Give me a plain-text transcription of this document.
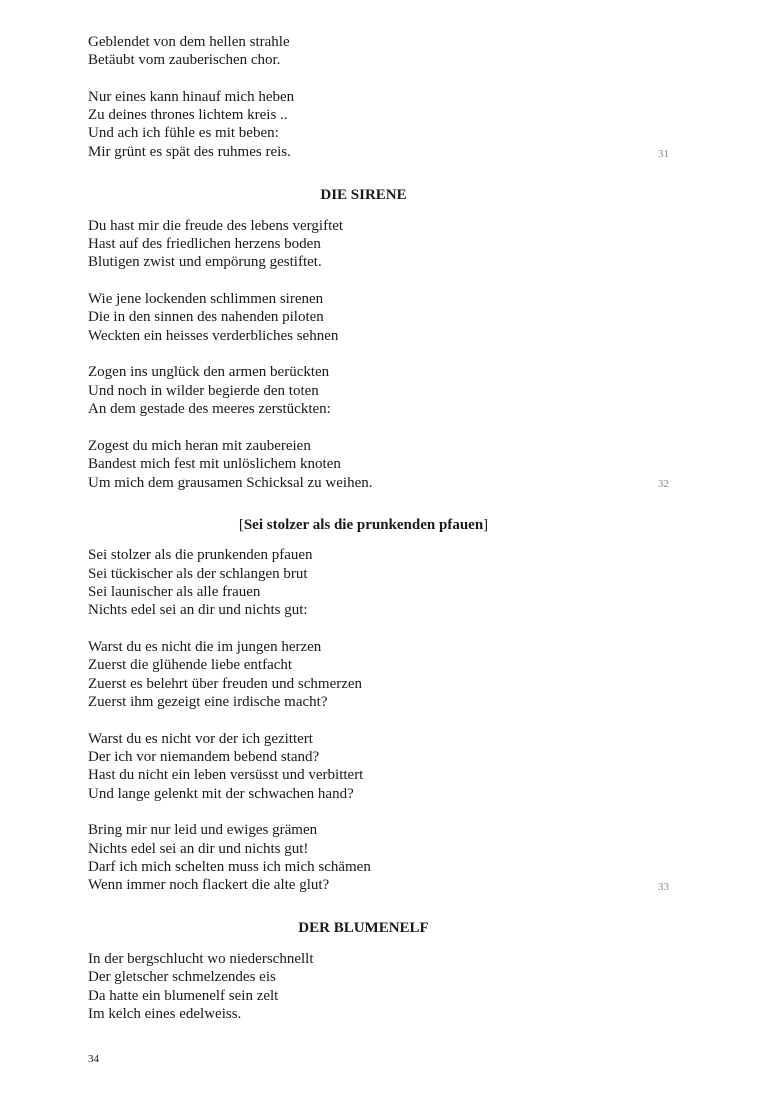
Geblendet von dem hellen strahle
Betäubt vom zauberischen chor.
Nur eines kann hinauf mich heben
Zu deines thrones lichtem kreis ..
Und ach ich fühle es mit beben:
Mir grünt es spät des ruhmes reis.	31
DIE SIRENE
Du hast mir die freude des lebens vergiftet
Hast auf des friedlichen herzens boden
Blutigen zwist und empörung gestiftet.
Wie jene lockenden schlimmen sirenen
Die in den sinnen des nahenden piloten
Weckten ein heisses verderbliches sehnen
Zogen ins unglück den armen berückten
Und noch in wilder begierde den toten
An dem gestade des meeres zerstückten:
Zogest du mich heran mit zaubereien
Bandest mich fest mit unlöslichem knoten
Um mich dem grausamen Schicksal zu weihen.	32
[Sei stolzer als die prunkenden pfauen]
Sei stolzer als die prunkenden pfauen
Sei tückischer als der schlangen brut
Sei launischer als alle frauen
Nichts edel sei an dir und nichts gut:
Warst du es nicht die im jungen herzen
Zuerst die glühende liebe entfacht
Zuerst es belehrt über freuden und schmerzen
Zuerst ihm gezeigt eine irdische macht?
Warst du es nicht vor der ich gezittert
Der ich vor niemandem bebend stand?
Hast du nicht ein leben versüsst und verbittert
Und lange gelenkt mit der schwachen hand?
Bring mir nur leid und ewiges grämen
Nichts edel sei an dir und nichts gut!
Darf ich mich schelten muss ich mich schämen
Wenn immer noch flackert die alte glut?	33
DER BLUMENELF
In der bergschlucht wo niederschnellt
Der gletscher schmelzendes eis
Da hatte ein blumenelf sein zelt
Im kelch eines edelweiss.
34
